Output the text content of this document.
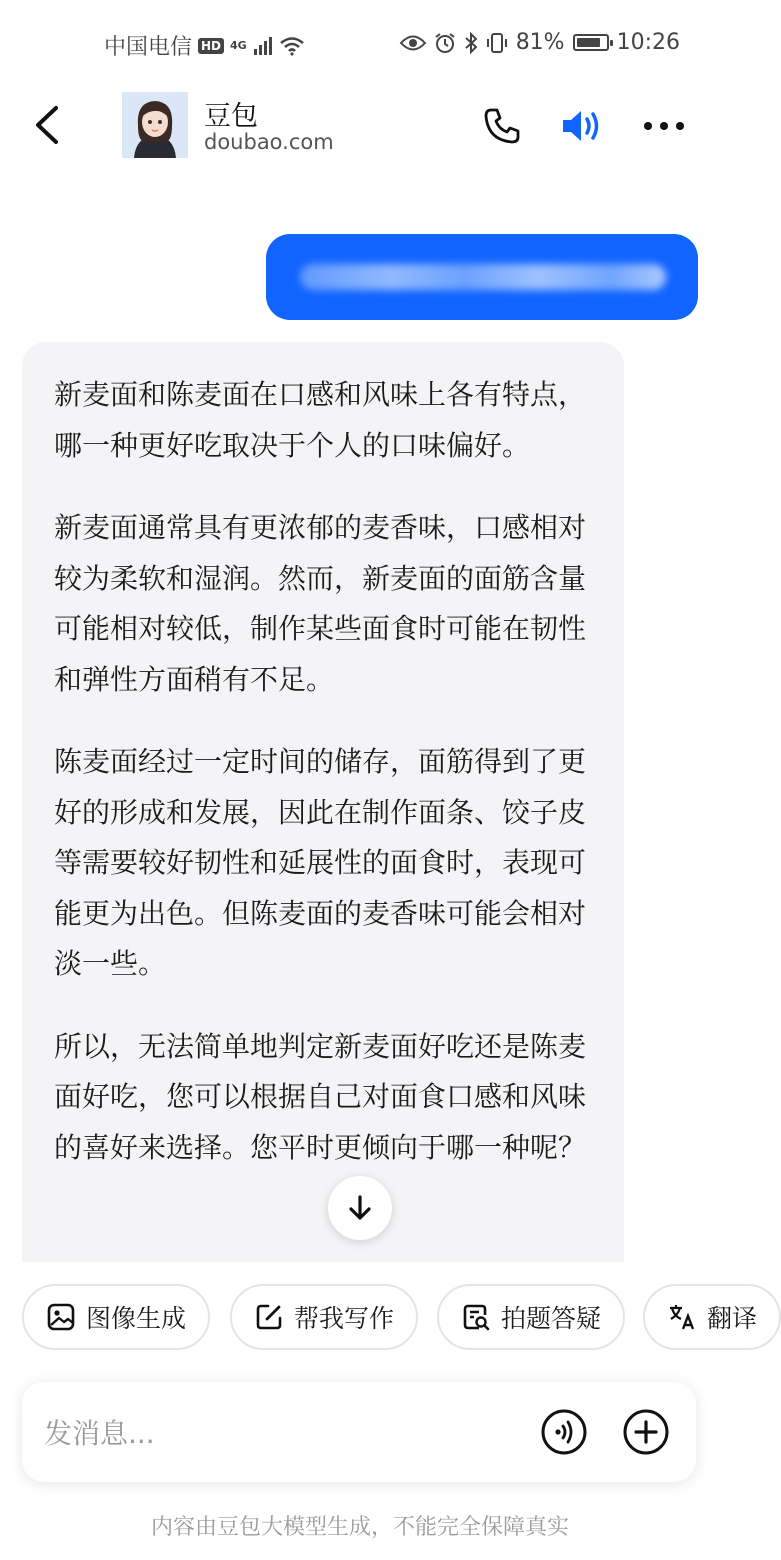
中国电信 HD 4G	81% 10:26
豆包
doubao.com

新麦面和陈麦面在口感和风味上各有特点，哪一种更好吃取决于个人的口味偏好。

新麦面通常具有更浓郁的麦香味，口感相对较为柔软和湿润。然而，新麦面的面筋含量可能相对较低，制作某些面食时可能在韧性和弹性方面稍有不足。

陈麦面经过一定时间的储存，面筋得到了更好的形成和发展，因此在制作面条、饺子皮等需要较好韧性和延展性的面食时，表现可能更为出色。但陈麦面的麦香味可能会相对淡一些。

所以，无法简单地判定新麦面好吃还是陈麦面好吃，您可以根据自己对面食口感和风味的喜好来选择。您平时更倾向于哪一种呢？

图像生成	帮我写作	拍题答疑	翻译
发消息...
内容由豆包大模型生成，不能完全保障真实
